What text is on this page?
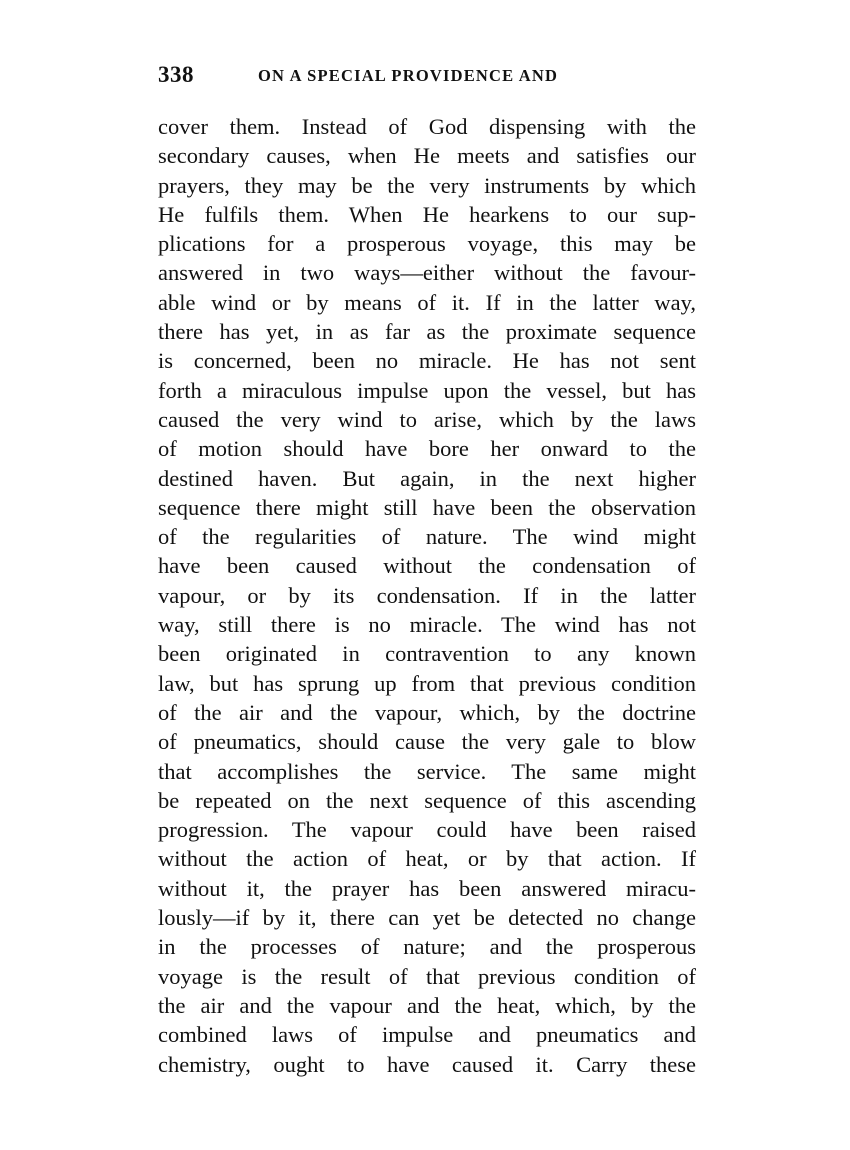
338	ON A SPECIAL PROVIDENCE AND
cover them. Instead of God dispensing with the
secondary causes, when He meets and satisfies our
prayers, they may be the very instruments by which
He fulfils them. When He hearkens to our sup-
plications for a prosperous voyage, this may be
answered in two ways—either without the favour-
able wind or by means of it. If in the latter way,
there has yet, in as far as the proximate sequence
is concerned, been no miracle. He has not sent
forth a miraculous impulse upon the vessel, but has
caused the very wind to arise, which by the laws
of motion should have bore her onward to the
destined haven. But again, in the next higher
sequence there might still have been the observation
of the regularities of nature. The wind might
have been caused without the condensation of
vapour, or by its condensation. If in the latter
way, still there is no miracle. The wind has not
been originated in contravention to any known
law, but has sprung up from that previous condition
of the air and the vapour, which, by the doctrine
of pneumatics, should cause the very gale to blow
that accomplishes the service. The same might
be repeated on the next sequence of this ascending
progression. The vapour could have been raised
without the action of heat, or by that action. If
without it, the prayer has been answered miracu-
lously—if by it, there can yet be detected no change
in the processes of nature; and the prosperous
voyage is the result of that previous condition of
the air and the vapour and the heat, which, by the
combined laws of impulse and pneumatics and
chemistry, ought to have caused it. Carry these
